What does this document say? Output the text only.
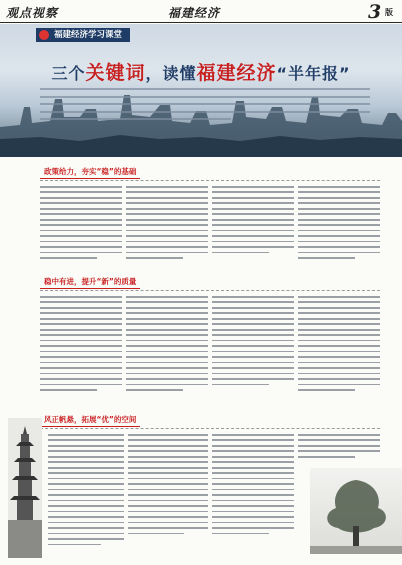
观点视察	福建经济	3 版
福建经济学习课堂
三个关键词，读懂福建经济“半年报”
政策给力，夯实“稳”的基础
稳中有进，提升“新”的质量
风正帆悬，拓展“优”的空间
